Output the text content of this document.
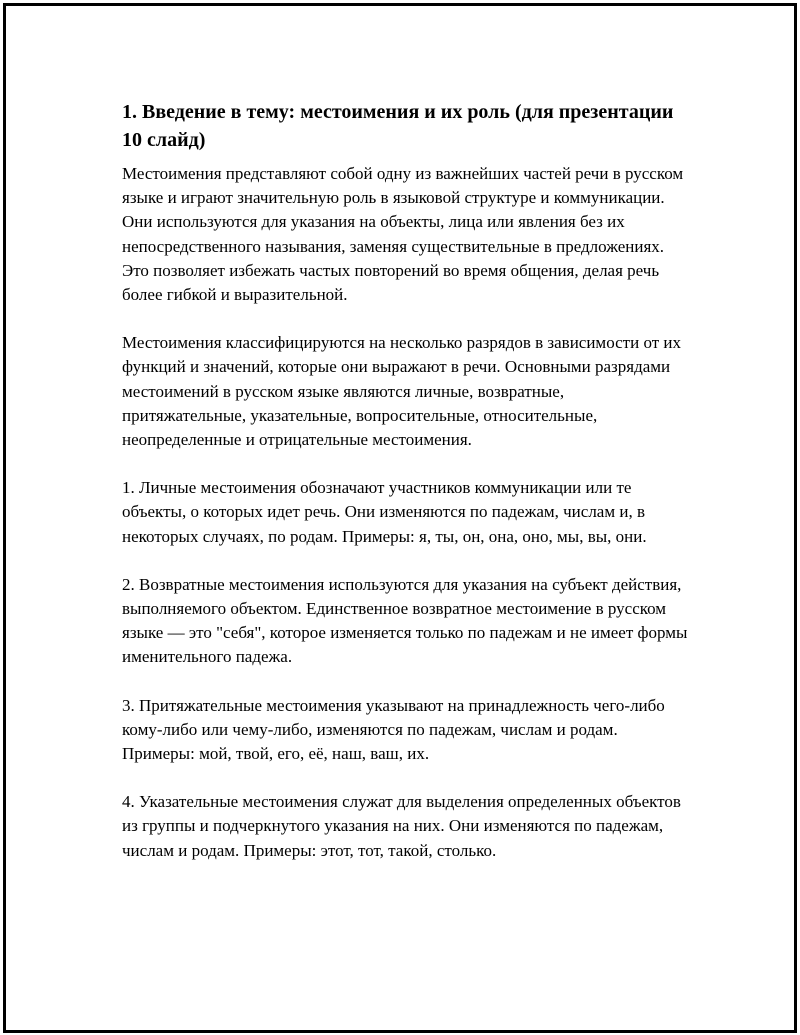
1. Введение в тему: местоимения и их роль (для презентации 10 слайд)

Местоимения представляют собой одну из важнейших частей речи в русском языке и играют значительную роль в языковой структуре и коммуникации. Они используются для указания на объекты, лица или явления без их непосредственного называния, заменяя существительные в предложениях. Это позволяет избежать частых повторений во время общения, делая речь более гибкой и выразительной.

Местоимения классифицируются на несколько разрядов в зависимости от их функций и значений, которые они выражают в речи. Основными разрядами местоимений в русском языке являются личные, возвратные, притяжательные, указательные, вопросительные, относительные, неопределенные и отрицательные местоимения.

1. Личные местоимения обозначают участников коммуникации или те объекты, о которых идет речь. Они изменяются по падежам, числам и, в некоторых случаях, по родам. Примеры: я, ты, он, она, оно, мы, вы, они.

2. Возвратные местоимения используются для указания на субъект действия, выполняемого объектом. Единственное возвратное местоимение в русском языке — это "себя", которое изменяется только по падежам и не имеет формы именительного падежа.

3. Притяжательные местоимения указывают на принадлежность чего-либо кому-либо или чему-либо, изменяются по падежам, числам и родам. Примеры: мой, твой, его, её, наш, ваш, их.

4. Указательные местоимения служат для выделения определенных объектов из группы и подчеркнутого указания на них. Они изменяются по падежам, числам и родам. Примеры: этот, тот, такой, столько.
